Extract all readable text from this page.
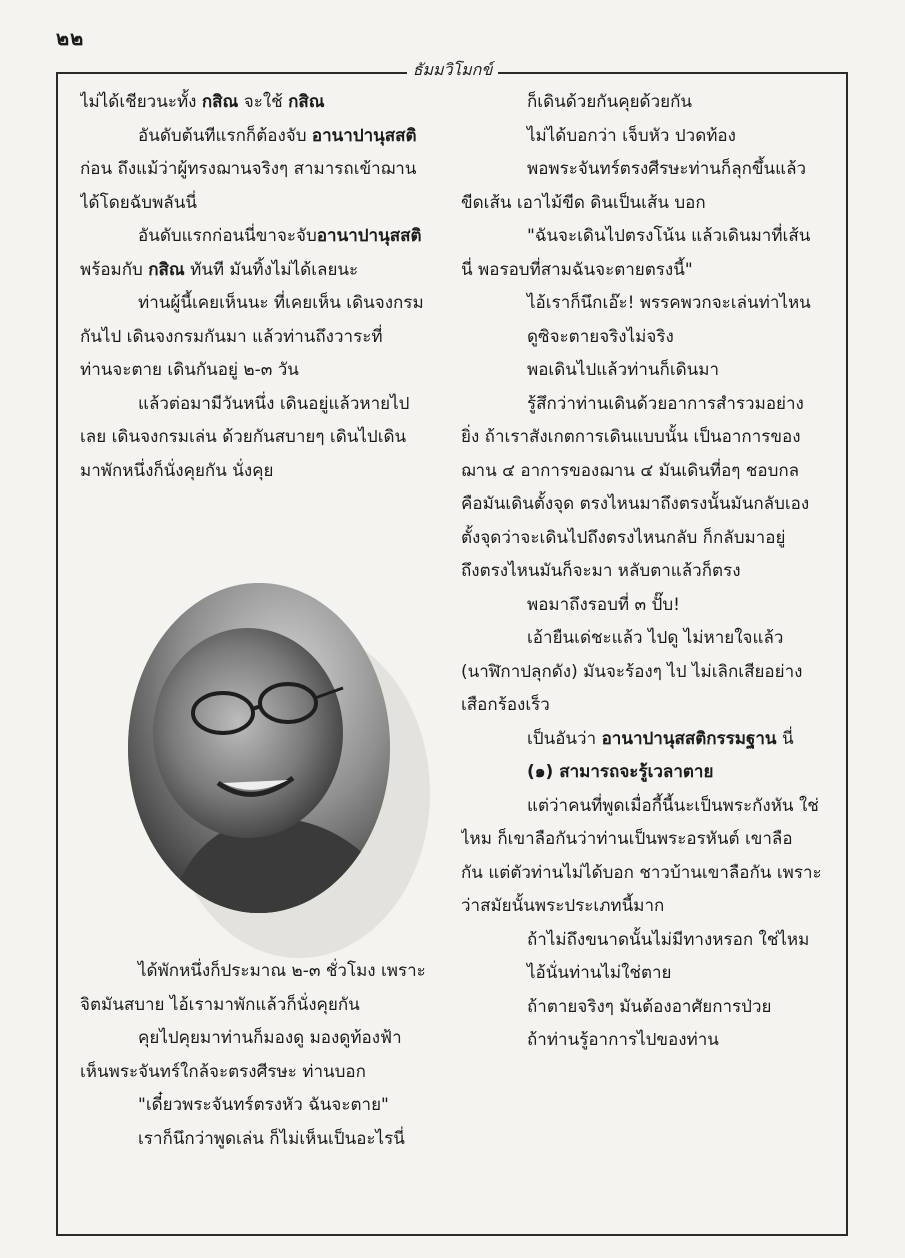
๒๒
ธัมมวิโมกข์

ไม่ได้เชียวนะทั้ง กสิณ จะใช้ กสิณ

อันดับต้นทีแรกก็ต้องจับ อานาปานุสสติ

ก่อน ถึงแม้ว่าผู้ทรงฌานจริงๆ สามารถเข้าฌาน

ได้โดยฉับพลันนี่

อันดับแรกก่อนนี่ขาจะจับอานาปานุสสติ

พร้อมกับ กสิณ ทันที มันทิ้งไม่ได้เลยนะ

ท่านผู้นี้เคยเห็นนะ ที่เคยเห็น เดินจงกรม

กันไป เดินจงกรมกันมา แล้วท่านถึงวาระที่

ท่านจะตาย เดินกันอยู่ ๒-๓ วัน

แล้วต่อมามีวันหนึ่ง เดินอยู่แล้วหายไป

เลย เดินจงกรมเล่น ด้วยกันสบายๆ เดินไปเดิน

มาพักหนึ่งก็นั่งคุยกัน นั่งคุย

ได้พักหนึ่งก็ประมาณ ๒-๓ ชั่วโมง เพราะ

จิตมันสบาย ไอ้เรามาพักแล้วก็นั่งคุยกัน

คุยไปคุยมาท่านก็มองดู มองดูท้องฟ้า

เห็นพระจันทร์ใกล้จะตรงศีรษะ ท่านบอก

"เดี๋ยวพระจันทร์ตรงหัว ฉันจะตาย"

เราก็นึกว่าพูดเล่น ก็ไม่เห็นเป็นอะไรนี่

ก็เดินด้วยกันคุยด้วยกัน

ไม่ได้บอกว่า เจ็บหัว ปวดท้อง

พอพระจันทร์ตรงศีรษะท่านก็ลุกขึ้นแล้ว

ขีดเส้น เอาไม้ขีด ดินเป็นเส้น บอก

"ฉันจะเดินไปตรงโน้น แล้วเดินมาที่เส้น

นี่ พอรอบที่สามฉันจะตายตรงนี้"

ไอ้เราก็นึกเอ๊ะ! พรรคพวกจะเล่นท่าไหน

ดูซิจะตายจริงไม่จริง

พอเดินไปแล้วท่านก็เดินมา

รู้สึกว่าท่านเดินด้วยอาการสำรวมอย่าง

ยิ่ง ถ้าเราสังเกตการเดินแบบนั้น เป็นอาการของ

ฌาน ๔ อาการของฌาน ๔ มันเดินที่อๆ ชอบกล

คือมันเดินตั้งจุด ตรงไหนมาถึงตรงนั้นมันกลับเอง

ตั้งจุดว่าจะเดินไปถึงตรงไหนกลับ ก็กลับมาอยู่

ถึงตรงไหนมันก็จะมา หลับตาแล้วก็ตรง

พอมาถึงรอบที่ ๓ ปั๊บ!

เอ้ายืนเด่ชะแล้ว ไปดู ไม่หายใจแล้ว

(นาฬิกาปลุกดัง) มันจะร้องๆ ไป ไม่เลิกเสียอย่าง

เสือกร้องเร็ว

เป็นอันว่า อานาปานุสสติกรรมฐาน นี่

(๑) สามารถจะรู้เวลาตาย

แต่ว่าคนที่พูดเมื่อกี้นี้นะเป็นพระกังหัน ใช่

ไหม ก็เขาลือกันว่าท่านเป็นพระอรหันต์ เขาลือ

กัน แต่ตัวท่านไม่ได้บอก ชาวบ้านเขาลือกัน เพราะ

ว่าสมัยนั้นพระประเภทนี้มาก

ถ้าไม่ถึงขนาดนั้นไม่มีทางหรอก ใช่ไหม

ไอ้นั่นท่านไม่ใช่ตาย

ถ้าตายจริงๆ มันต้องอาศัยการป่วย

ถ้าท่านรู้อาการไปของท่าน
